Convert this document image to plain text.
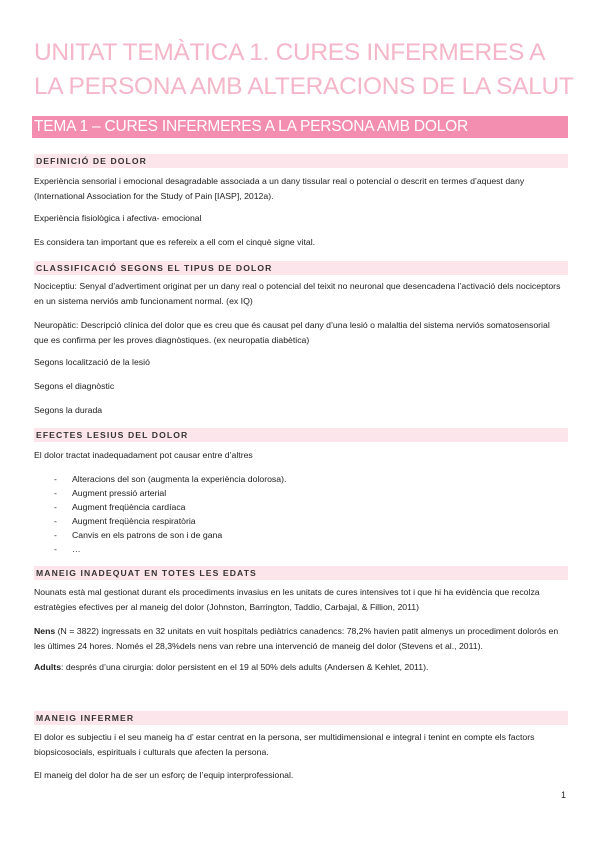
UNITAT TEMÀTICA 1. CURES INFERMERES A LA PERSONA AMB ALTERACIONS DE LA SALUT
TEMA 1 – CURES INFERMERES A LA PERSONA AMB DOLOR
DEFINICIÓ DE DOLOR

Experiència sensorial i emocional desagradable associada a un dany tissular real o potencial o descrit en termes d’aquest dany (International Association for the Study of Pain [IASP], 2012a).

Experiència fisiològica i afectiva- emocional

Es considera tan important que es refereix a ell com el cinquè signe vital.

CLASSIFICACIÓ SEGONS EL TIPUS DE DOLOR

Nociceptiu: Senyal d’advertiment originat per un dany real o potencial del teixit no neuronal que desencadena l’activació dels nociceptors en un sistema nerviós amb funcionament normal. (ex IQ)

Neuropàtic: Descripció clínica del dolor que es creu que és causat pel dany d’una lesió o malaltia del sistema nerviós somatosensorial que es confirma per les proves diagnòstiques. (ex neuropatia diabètica)

Segons localització de la lesió

Segons el diagnòstic

Segons la durada

EFECTES LESIUS DEL DOLOR

El dolor tractat inadequadament pot causar entre d’altres

- Alteracions del son (augmenta la experiència dolorosa).
- Augment pressió arterial
- Augment freqüència cardíaca
- Augment freqüència respiratòria
- Canvis en els patrons de son i de gana
- …
MANEIG INADEQUAT EN TOTES LES EDATS

Nounats està mal gestionat durant els procediments invasius en les unitats de cures intensives tot i que hi ha evidència que recolza estratègies efectives per al maneig del dolor (Johnston, Barrington, Taddio, Carbajal, & Fillion, 2011)

Nens (N = 3822) ingressats en 32 unitats en vuit hospitals pediàtrics canadencs: 78,2% havien patit almenys un procediment dolorós en les últimes 24 hores. Només el 28,3%dels nens van rebre una intervenció de maneig del dolor (Stevens et al., 2011).

Adults: després d’una cirurgia: dolor persistent en el 19 al 50% dels adults (Andersen & Kehlet, 2011).

MANEIG INFERMER

El dolor es subjectiu i el seu maneig ha d’ estar centrat en la persona, ser multidimensional e integral i tenint en compte els factors biopsicosocials, espirituals i culturals que afecten la persona.

El maneig del dolor ha de ser un esforç de l’equip interprofessional.

1
